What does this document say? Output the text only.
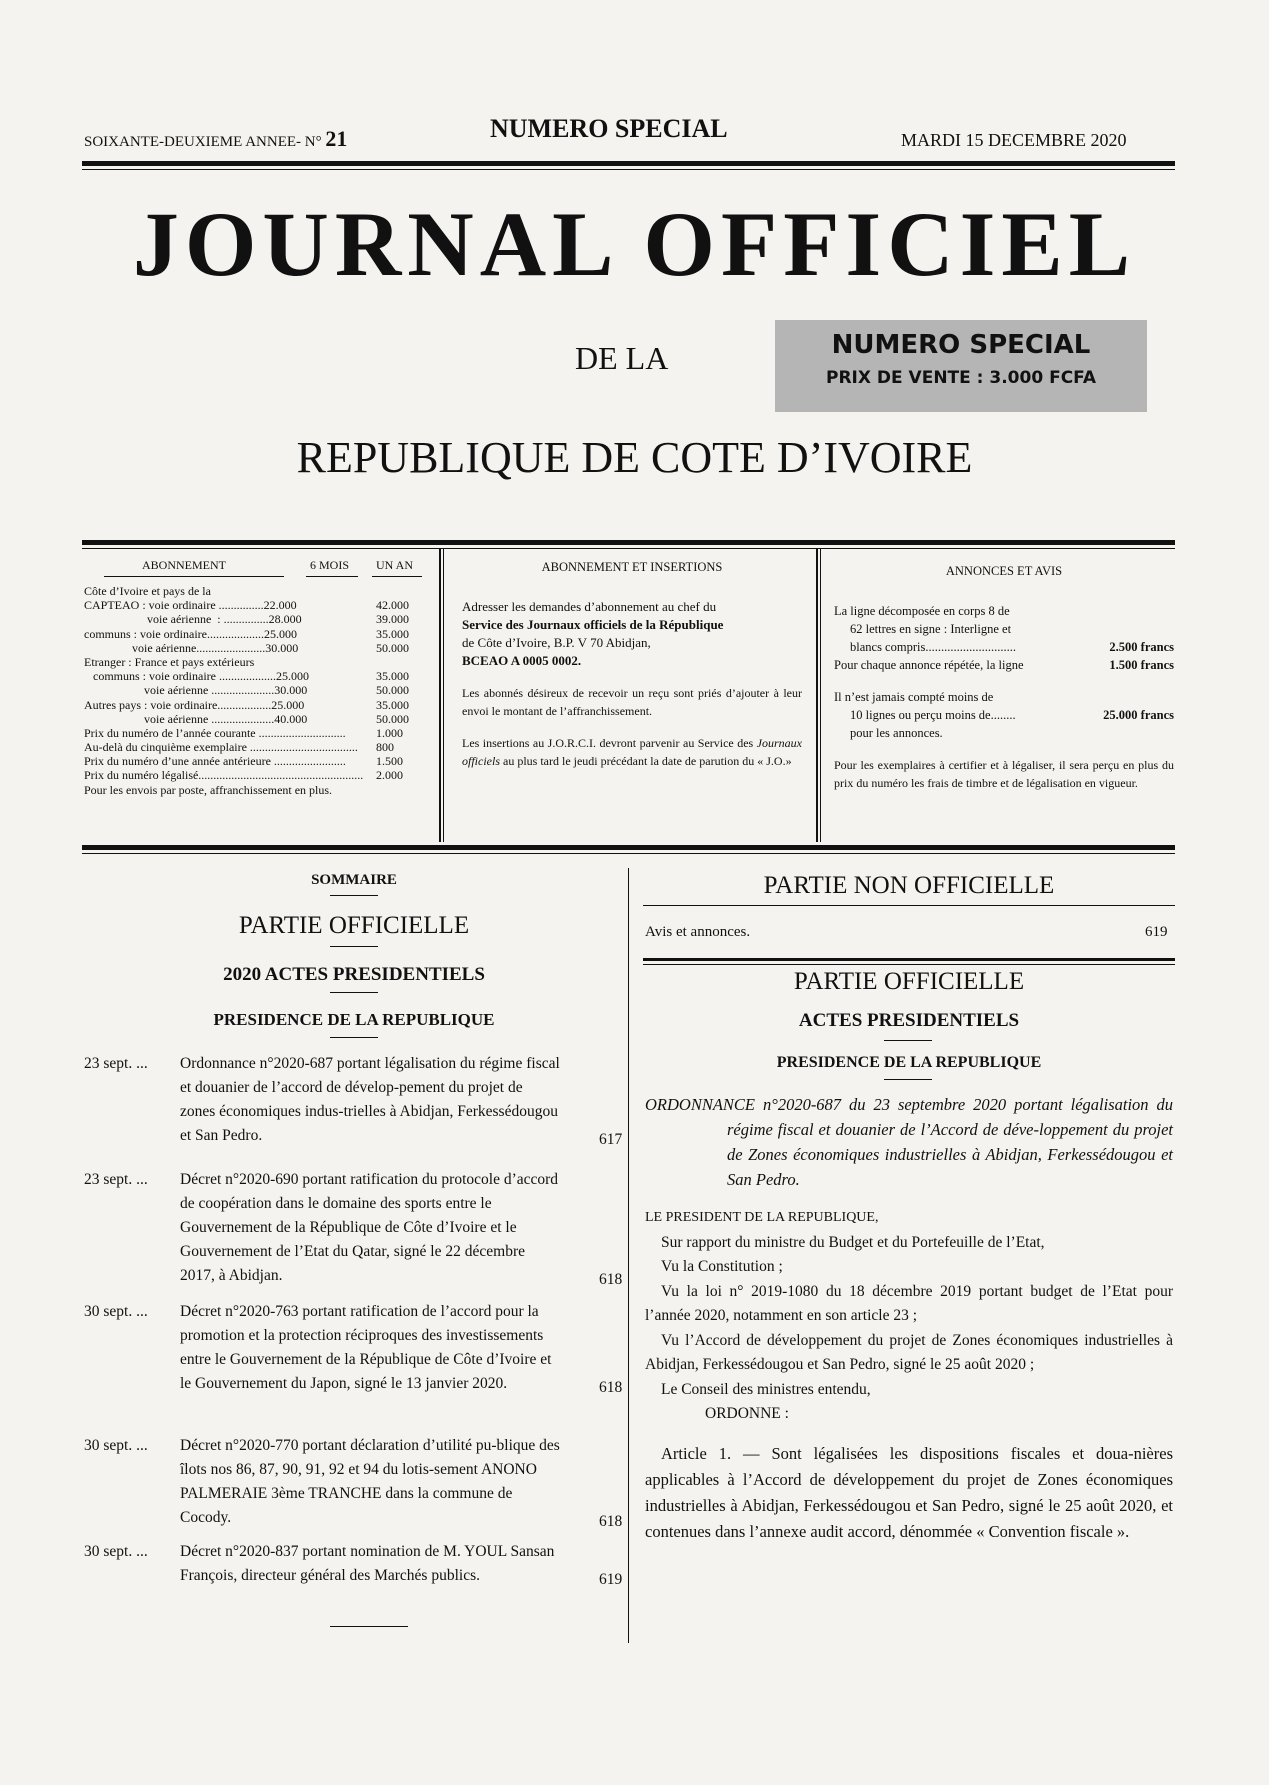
SOIXANTE-DEUXIEME ANNEE- N° 21	NUMERO SPECIAL	MARDI 15 DECEMBRE 2020
JOURNAL OFFICIEL
DE LA	NUMERO SPECIAL
PRIX DE VENTE : 3.000 FCFA
REPUBLIQUE DE COTE D’IVOIRE
ABONNEMENT	6 MOIS UN AN
Côte d’Ivoire et pays de la
CAPTEAO : voie ordinaire ...............22.000	42.000
voie aérienne  : ...............28.000	39.000
communs : voie ordinaire...................25.000	35.000
voie aérienne.......................30.000	50.000
Etranger : France et pays extérieurs
communs : voie ordinaire ...................25.000	35.000
voie aérienne .....................30.000	50.000
Autres pays : voie ordinaire..................25.000	35.000
voie aérienne .....................40.000	50.000
Prix du numéro de l’année courante .............................	1.000
Au-delà du cinquième exemplaire .................................... 800
Prix du numéro d’une année antérieure ........................	1.500
Prix du numéro légalisé....................................................... 2.000
Pour les envois par poste, affranchissement en plus.
ABONNEMENT ET INSERTIONS
Adresser les demandes d’abonnement au chef du
Service des Journaux officiels de la République
de Côte d’Ivoire, B.P. V 70 Abidjan,
BCEAO A 0005 0002.
Les abonnés désireux de recevoir un reçu sont priés d’ajouter à leur envoi le montant de l’affranchissement.
Les insertions au J.O.R.C.I. devront parvenir au Service des Journaux officiels au plus tard le jeudi précédant la date de parution du « J.O.»
ANNONCES ET AVIS
La ligne décomposée en corps 8 de
62 lettres en signe : Interligne et
blancs compris.............................	2.500 francs
Pour chaque annonce répétée, la ligne	1.500 francs
Il n’est jamais compté moins de
10 lignes ou perçu moins de........	25.000 francs
pour les annonces.
Pour les exemplaires à certifier et à légaliser, il sera perçu en plus du prix du numéro les frais de timbre et de légalisation en vigueur.
SOMMAIRE
PARTIE OFFICIELLE
2020 ACTES PRESIDENTIELS
PRESIDENCE DE LA REPUBLIQUE
23 sept. ...	Ordonnance n°2020-687 portant légalisation du régime fiscal et douanier de l’accord de dévelop-pement du projet de zones économiques indus-trielles à Abidjan, Ferkessédougou et San Pedro.	617
23 sept. ...	Décret n°2020-690 portant ratification du protocole d’accord de coopération dans le domaine des sports entre le Gouvernement de la République de Côte d’Ivoire et le Gouvernement de l’Etat du Qatar, signé le 22 décembre 2017, à Abidjan.	618
30 sept. ...	Décret n°2020-763 portant ratification de l’accord pour la promotion et la protection réciproques des investissements entre le Gouvernement de la République de Côte d’Ivoire et le Gouvernement du Japon, signé le 13 janvier 2020.	618
30 sept. ...	Décret n°2020-770 portant déclaration d’utilité pu-blique des îlots nos 86, 87, 90, 91, 92 et 94 du lotis-sement ANONO PALMERAIE 3ème TRANCHE dans la commune de Cocody.	618
30 sept. ...	Décret n°2020-837 portant nomination de M. YOUL Sansan François, directeur général des Marchés publics.	619
PARTIE NON OFFICIELLE
Avis et annonces.	619
PARTIE OFFICIELLE
ACTES PRESIDENTIELS
PRESIDENCE DE LA REPUBLIQUE

ORDONNANCE n°2020-687 du 23 septembre 2020 portant légalisation du régime fiscal et douanier de l’Accord de déve-loppement du projet de Zones économiques industrielles à Abidjan, Ferkessédougou et San Pedro.

LE PRESIDENT DE LA REPUBLIQUE,

Sur rapport du ministre du Budget et du Portefeuille de l’Etat,

Vu la Constitution ;

Vu la loi n° 2019-1080 du 18 décembre 2019 portant budget de l’Etat pour l’année 2020, notamment en son article 23 ;

Vu l’Accord de développement du projet de Zones économiques industrielles à Abidjan, Ferkessédougou et San Pedro, signé le 25 août 2020 ;

Le Conseil des ministres entendu,

ORDONNE :

Article 1. — Sont légalisées les dispositions fiscales et doua-nières applicables à l’Accord de développement du projet de Zones économiques industrielles à Abidjan, Ferkessédougou et San Pedro, signé le 25 août 2020, et contenues dans l’annexe audit accord, dénommée « Convention fiscale ».
